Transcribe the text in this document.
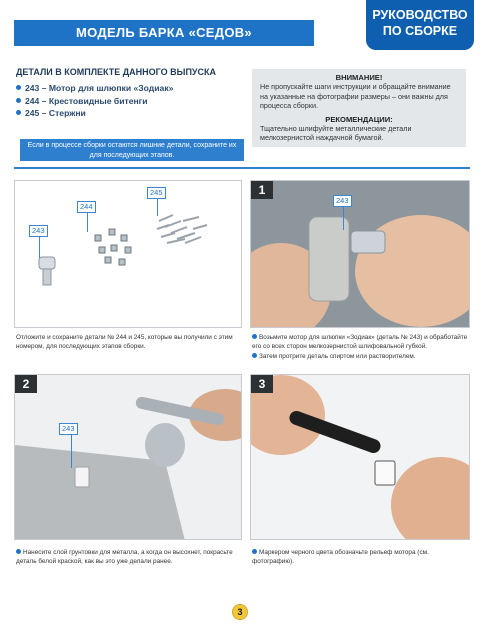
МОДЕЛЬ БАРКА «СЕДОВ»
РУКОВОДСТВО
ПО СБОРКЕ
ДЕТАЛИ В КОМПЛЕКТЕ ДАННОГО ВЫПУСКА
243 – Мотор для шлюпки «Зодиак»
244 – Крестовидные битенги
245 – Стержни
Если в процессе сборки остаются лишние детали, сохраните их для последующих этапов.
ВНИМАНИЕ!
Не пропускайте шаги инструкции и обращайте внимание на указанные на фотографии размеры – они важны для процесса сборки.
РЕКОМЕНДАЦИИ:
Тщательно шлифуйте металлические детали мелкозернистой наждачной бумагой.
243
244
245
Отложите и сохраните детали № 244 и 245, которые вы получили с этим номером, для последующих этапов сборки.
1
243
Возьмите мотор для шлюпки «Зодиак» (деталь № 243) и обработайте его со всех сторон мелкозернистой шлифовальной губкой.
Затем протрите деталь спиртом или растворителем.
2
243
Нанесите слой грунтовки для металла, а когда он высохнет, покрасьте деталь белой краской, как вы это уже делали ранее.
3
Маркером черного цвета обозначьте рельеф мотора (см. фотографию).
3
